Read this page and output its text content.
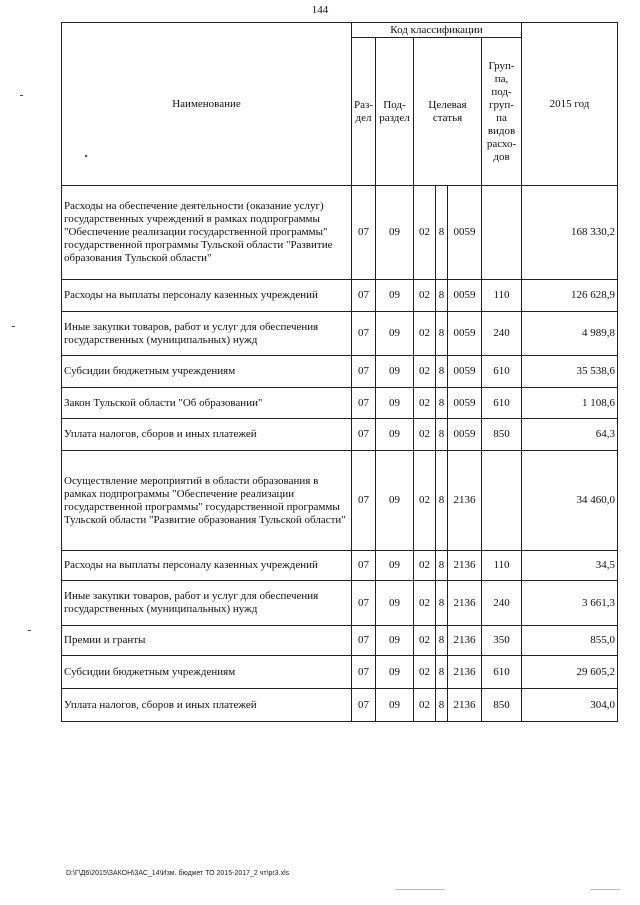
144
Наименование	Код классификации						2015 год
	Раз-дел	Под-раздел	Целевая статья			Груп-па, под-груп-па видов расхо-дов	
Расходы на обеспечение деятельности (оказание услуг) государственных учреждений в рамках подпрограммы "Обеспечение реализации государственной программы" государственной программы Тульской области "Развитие образования Тульской области"	07	09	02	8	0059		168 330,2
Расходы на выплаты персоналу казенных учреждений	07	09	02	8	0059	110	126 628,9
Иные закупки товаров, работ и услуг для обеспечения государственных (муниципальных) нужд	07	09	02	8	0059	240	4 989,8
Субсидии бюджетным учреждениям	07	09	02	8	0059	610	35 538,6
Закон Тульской области "Об образовании"	07	09	02	8	0059	610	1 108,6
Уплата налогов, сборов и иных платежей	07	09	02	8	0059	850	64,3
Осуществление мероприятий в области образования в рамках подпрограммы "Обеспечение реализации государственной программы" государственной программы Тульской области "Развитие образования Тульской области"	07	09	02	8	2136		34 460,0
Расходы на выплаты персоналу казенных учреждений	07	09	02	8	2136	110	34,5
Иные закупки товаров, работ и услуг для обеспечения государственных (муниципальных) нужд	07	09	02	8	2136	240	3 661,3
Премии и гранты	07	09	02	8	2136	350	855,0
Субсидии бюджетным учреждениям	07	09	02	8	2136	610	29 605,2
Уплата налогов, сборов и иных платежей	07	09	02	8	2136	850	304,0
D:\Г\Д6\2015\ЗАКОН\ЗАС_14\Изм. бюджет ТО 2015-2017_2 чт\pr3.xls
